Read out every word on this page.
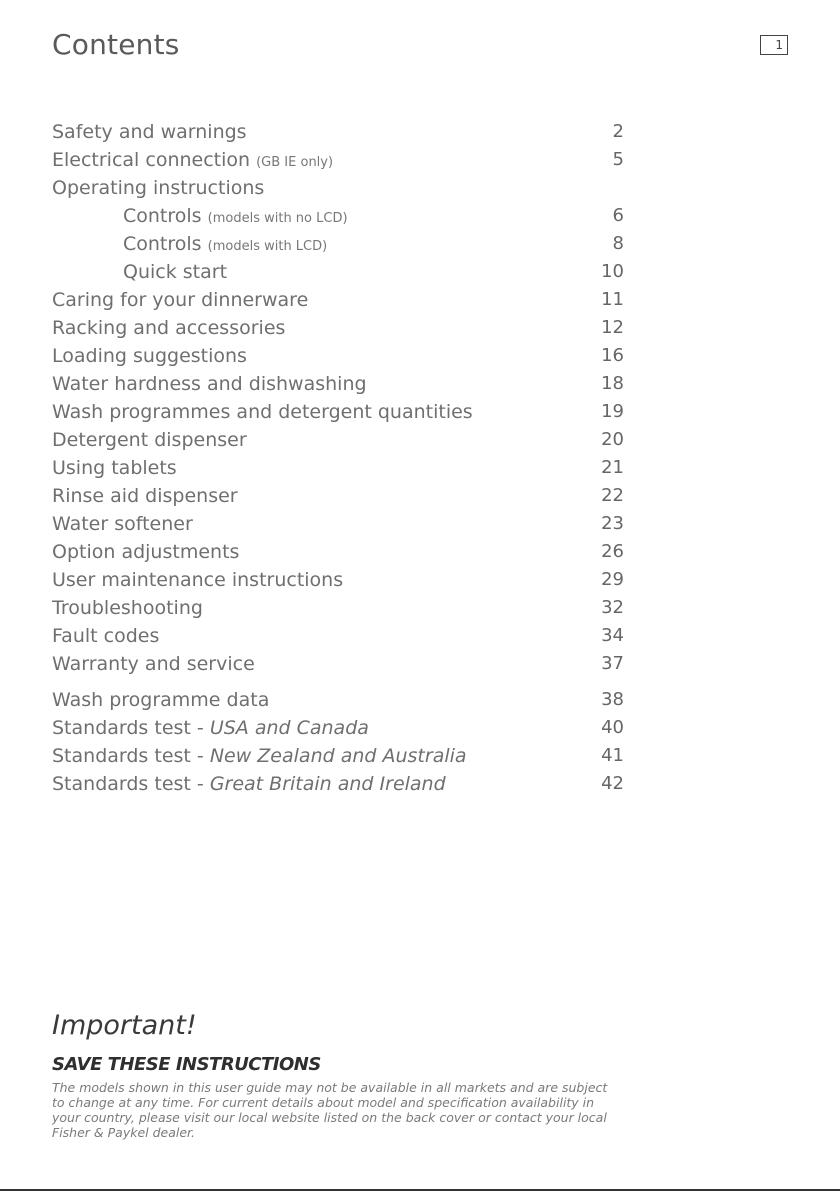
Contents	1
Safety and warnings	2
Electrical connection (GB IE only)	5
Operating instructions
Controls (models with no LCD)	6
Controls (models with LCD)	8
Quick start	10
Caring for your dinnerware	11
Racking and accessories	12
Loading suggestions	16
Water hardness and dishwashing	18
Wash programmes and detergent quantities	19
Detergent dispenser	20
Using tablets	21
Rinse aid dispenser	22
Water softener	23
Option adjustments	26
User maintenance instructions	29
Troubleshooting	32
Fault codes	34
Warranty and service	37
Wash programme data	38
Standards test - USA and Canada	40
Standards test - New Zealand and Australia	41
Standards test - Great Britain and Ireland	42
Important!
SAVE THESE INSTRUCTIONS
The models shown in this user guide may not be available in all markets and are subject to change at any time. For current details about model and specification availability in your country, please visit our local website listed on the back cover or contact your local Fisher & Paykel dealer.
